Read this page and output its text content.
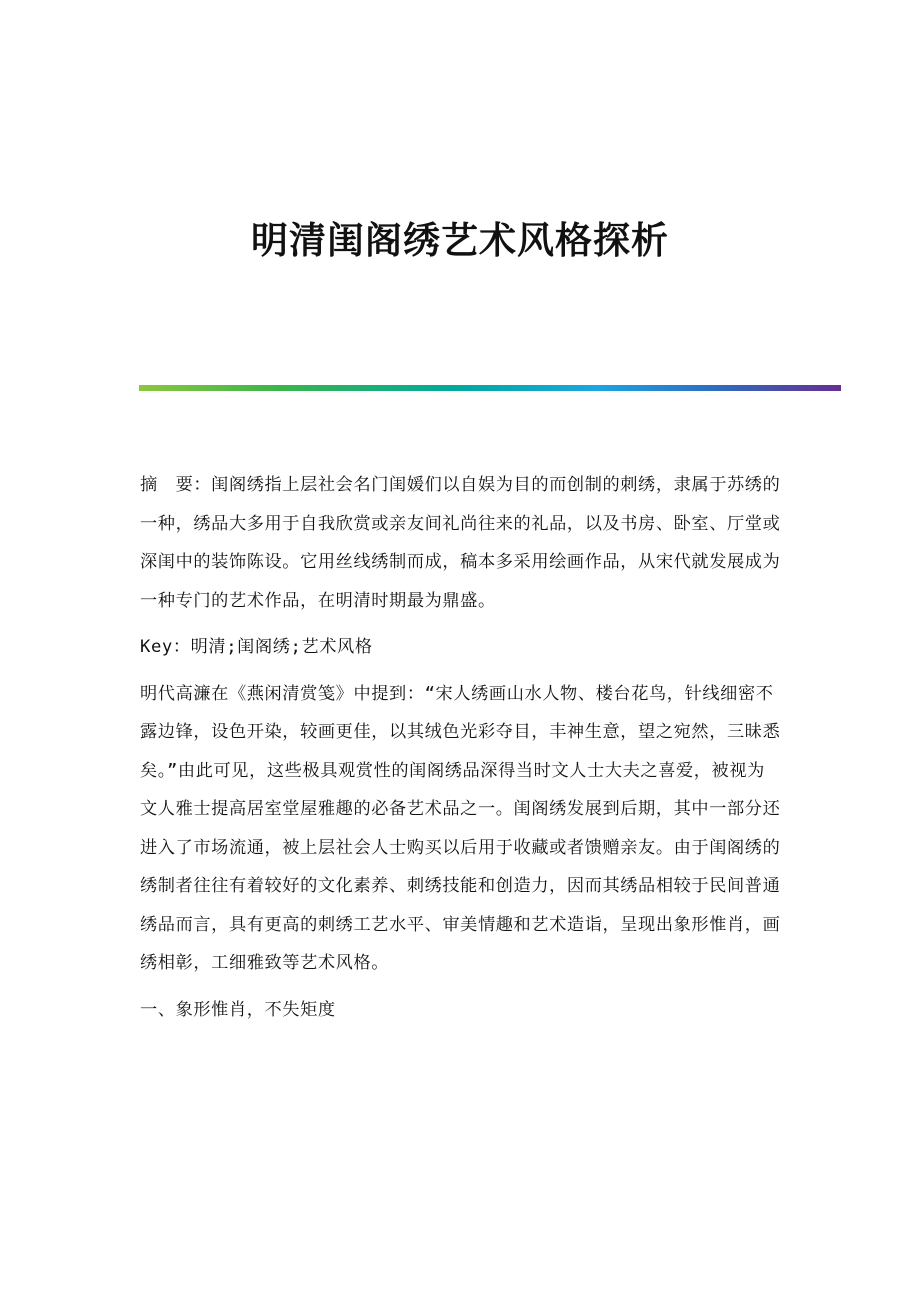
明清闺阁绣艺术风格探析

摘　要：闺阁绣指上层社会名门闺媛们以自娱为目的而创制的刺绣，隶属于苏绣的一种，绣品大多用于自我欣赏或亲友间礼尚往来的礼品，以及书房、卧室、厅堂或深闺中的装饰陈设。它用丝线绣制而成，稿本多采用绘画作品，从宋代就发展成为一种专门的艺术作品，在明清时期最为鼎盛。

Key：明清;闺阁绣;艺术风格

明代高濂在《燕闲清赏笺》中提到：“宋人绣画山水人物、楼台花鸟，针线细密不露边锋，设色开染，较画更佳，以其绒色光彩夺目，丰神生意，望之宛然，三昧悉矣。”由此可见，这些极具观赏性的闺阁绣品深得当时文人士大夫之喜爱，被视为文人雅士提高居室堂屋雅趣的必备艺术品之一。闺阁绣发展到后期，其中一部分还进入了市场流通，被上层社会人士购买以后用于收藏或者馈赠亲友。由于闺阁绣的绣制者往往有着较好的文化素养、刺绣技能和创造力，因而其绣品相较于民间普通绣品而言，具有更高的刺绣工艺水平、审美情趣和艺术造诣，呈现出象形惟肖，画绣相彰，工细雅致等艺术风格。

一、象形惟肖，不失矩度
